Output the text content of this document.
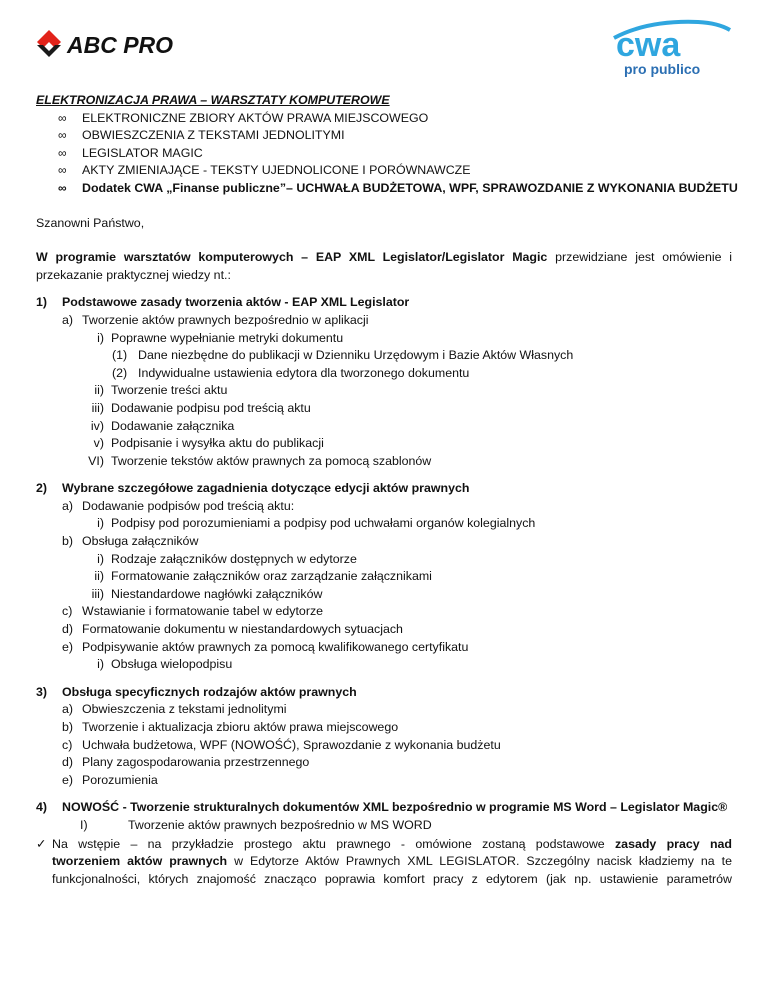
ABC PRO	cwa
pro publico
ELEKTRONIZACJA PRAWA – WARSZTATY KOMPUTEROWE
∞	ELEKTRONICZNE ZBIORY AKTÓW PRAWA MIEJSCOWEGO
∞	OBWIESZCZENIA Z TEKSTAMI JEDNOLITYMI
∞	LEGISLATOR MAGIC
∞	AKTY ZMIENIAJĄCE - TEKSTY UJEDNOLICONE I PORÓWNAWCZE
∞	Dodatek CWA „Finanse publiczne”– UCHWAŁA BUDŻETOWA, WPF, SPRAWOZDANIE Z WYKONANIA BUDŻETU
Szanowni Państwo,
W programie warsztatów komputerowych – EAP XML Legislator/Legislator Magic przewidziane jest omówienie i przekazanie praktycznej wiedzy nt.:
1)	Podstawowe zasady tworzenia aktów - EAP XML Legislator
a) Tworzenie aktów prawnych bezpośrednio w aplikacji
i) Poprawne wypełnianie metryki dokumentu
(1) Dane niezbędne do publikacji w Dzienniku Urzędowym i Bazie Aktów Własnych
(2) Indywidualne ustawienia edytora dla tworzonego dokumentu
ii) Tworzenie treści aktu
iii) Dodawanie podpisu pod treścią aktu
iv) Dodawanie załącznika
v) Podpisanie i wysyłka aktu do publikacji
VI) Tworzenie tekstów aktów prawnych za pomocą szablonów
2)	Wybrane szczegółowe zagadnienia dotyczące edycji aktów prawnych
a) Dodawanie podpisów pod treścią aktu:
i) Podpisy pod porozumieniami a podpisy pod uchwałami organów kolegialnych
b) Obsługa załączników
i) Rodzaje załączników dostępnych w edytorze
ii) Formatowanie załączników oraz zarządzanie załącznikami
iii) Niestandardowe nagłówki załączników
c) Wstawianie i formatowanie tabel w edytorze
d) Formatowanie dokumentu w niestandardowych sytuacjach
e) Podpisywanie aktów prawnych za pomocą kwalifikowanego certyfikatu
i) Obsługa wielopodpisu
3)	Obsługa specyficznych rodzajów aktów prawnych
a) Obwieszczenia z tekstami jednolitymi
b) Tworzenie i aktualizacja zbioru aktów prawa miejscowego
c) Uchwała budżetowa, WPF (NOWOŚĆ), Sprawozdanie z wykonania budżetu
d) Plany zagospodarowania przestrzennego
e) Porozumienia
4)	NOWOŚĆ - Tworzenie strukturalnych dokumentów XML bezpośrednio w programie MS Word – Legislator Magic®
I)	Tworzenie aktów prawnych bezpośrednio w MS WORD
✓ Na wstępie – na przykładzie prostego aktu prawnego - omówione zostaną podstawowe zasady pracy nad
tworzeniem aktów prawnych w Edytorze Aktów Prawnych XML LEGISLATOR. Szczególny nacisk kładziemy na te
funkcjonalności, których znajomość znacząco poprawia komfort pracy z edytorem (jak np. ustawienie parametrów
